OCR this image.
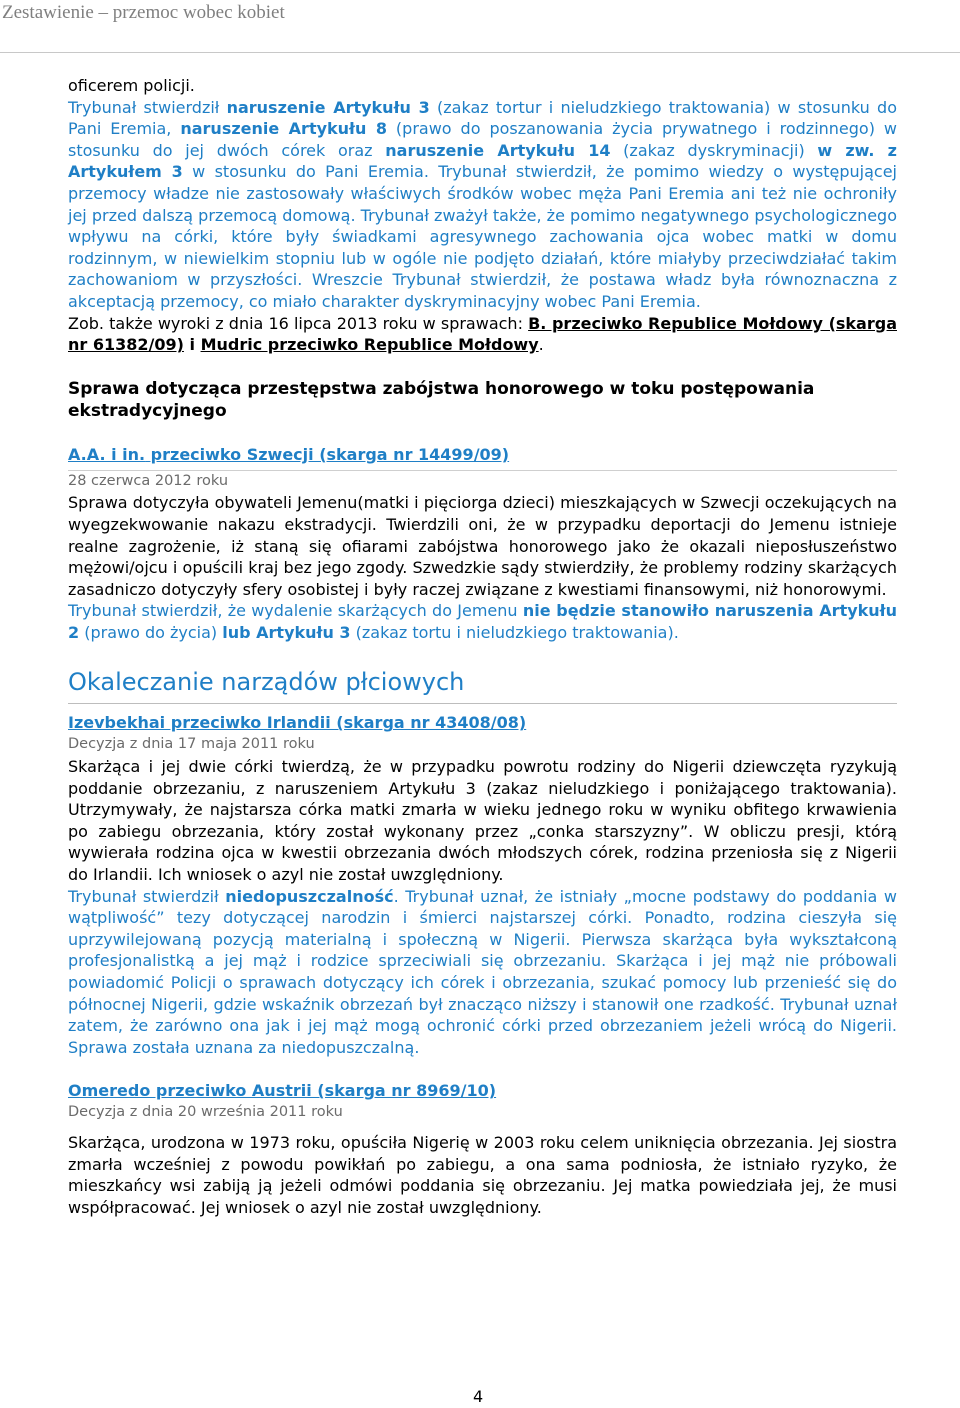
Zestawienie – przemoc wobec kobiet

oficerem policji.

Trybunał stwierdził naruszenie Artykułu 3 (zakaz tortur i nieludzkiego traktowania) w stosunku do Pani Eremia, naruszenie Artykułu 8 (prawo do poszanowania życia prywatnego i rodzinnego) w stosunku do jej dwóch córek oraz naruszenie Artykułu 14 (zakaz dyskryminacji) w zw. z Artykułem 3 w stosunku do Pani Eremia. Trybunał stwierdził, że pomimo wiedzy o występującej przemocy władze nie zastosowały właściwych środków wobec męża Pani Eremia ani też nie ochroniły jej przed dalszą przemocą domową. Trybunał zważył także, że pomimo negatywnego psychologicznego wpływu na córki, które były świadkami agresywnego zachowania ojca wobec matki w domu rodzinnym, w niewielkim stopniu lub w ogóle nie podjęto działań, które miałyby przeciwdziałać takim zachowaniom w przyszłości. Wreszcie Trybunał stwierdził, że postawa władz była równoznaczna z akceptacją przemocy, co miało charakter dyskryminacyjny wobec Pani Eremia.

Zob. także wyroki z dnia 16 lipca 2013 roku w sprawach: B. przeciwko Republice Mołdowy (skarga nr 61382/09) i Mudric przeciwko Republice Mołdowy.

Sprawa dotycząca przestępstwa zabójstwa honorowego w toku postępowania ekstradycyjnego

A.A. i in. przeciwko Szwecji (skarga nr 14499/09)

28 czerwca 2012 roku

Sprawa dotyczyła obywateli Jemenu(matki i pięciorga dzieci) mieszkających w Szwecji oczekujących na wyegzekwowanie nakazu ekstradycji. Twierdzili oni, że w przypadku deportacji do Jemenu istnieje realne zagrożenie, iż staną się ofiarami zabójstwa honorowego jako że okazali nieposłuszeństwo mężowi/ojcu i opuścili kraj bez jego zgody. Szwedzkie sądy stwierdziły, że problemy rodziny skarżących zasadniczo dotyczyły sfery osobistej i były raczej związane z kwestiami finansowymi, niż honorowymi.

Trybunał stwierdził, że wydalenie skarżących do Jemenu nie będzie stanowiło naruszenia Artykułu 2 (prawo do życia) lub Artykułu 3 (zakaz tortu i nieludzkiego traktowania).

Okaleczanie narządów płciowych

Izevbekhai przeciwko Irlandii (skarga nr 43408/08)

Decyzja z dnia 17 maja 2011 roku

Skarżąca i jej dwie córki twierdzą, że w przypadku powrotu rodziny do Nigerii dziewczęta ryzykują poddanie obrzezaniu, z naruszeniem Artykułu 3 (zakaz nieludzkiego i poniżającego traktowania). Utrzymywały, że najstarsza córka matki zmarła w wieku jednego roku w wyniku obfitego krwawienia po zabiegu obrzezania, który został wykonany przez „conka starszyzny”. W obliczu presji, którą wywierała rodzina ojca w kwestii obrzezania dwóch młodszych córek, rodzina przeniosła się z Nigerii do Irlandii. Ich wniosek o azyl nie został uwzględniony.

Trybunał stwierdził niedopuszczalność. Trybunał uznał, że istniały „mocne podstawy do poddania w wątpliwość” tezy dotyczącej narodzin i śmierci najstarszej córki. Ponadto, rodzina cieszyła się uprzywilejowaną pozycją materialną i społeczną w Nigerii. Pierwsza skarżąca była wykształconą profesjonalistką a jej mąż i rodzice sprzeciwiali się obrzezaniu. Skarżąca i jej mąż nie próbowali powiadomić Policji o sprawach dotyczący ich córek i obrzezania, szukać pomocy lub przenieść się do północnej Nigerii, gdzie wskaźnik obrzezań był znacząco niższy i stanowił one rzadkość. Trybunał uznał zatem, że zarówno ona jak i jej mąż mogą ochronić córki przed obrzezaniem jeżeli wrócą do Nigerii. Sprawa została uznana za niedopuszczalną.

Omeredo przeciwko Austrii (skarga nr 8969/10)

Decyzja z dnia 20 września 2011 roku

Skarżąca, urodzona w 1973 roku, opuściła Nigerię w 2003 roku celem uniknięcia obrzezania. Jej siostra zmarła wcześniej z powodu powikłań po zabiegu, a ona sama podniosła, że istniało ryzyko, że mieszkańcy wsi zabiją ją jeżeli odmówi poddania się obrzezaniu. Jej matka powiedziała jej, że musi współpracować. Jej wniosek o azyl nie został uwzględniony.

4
